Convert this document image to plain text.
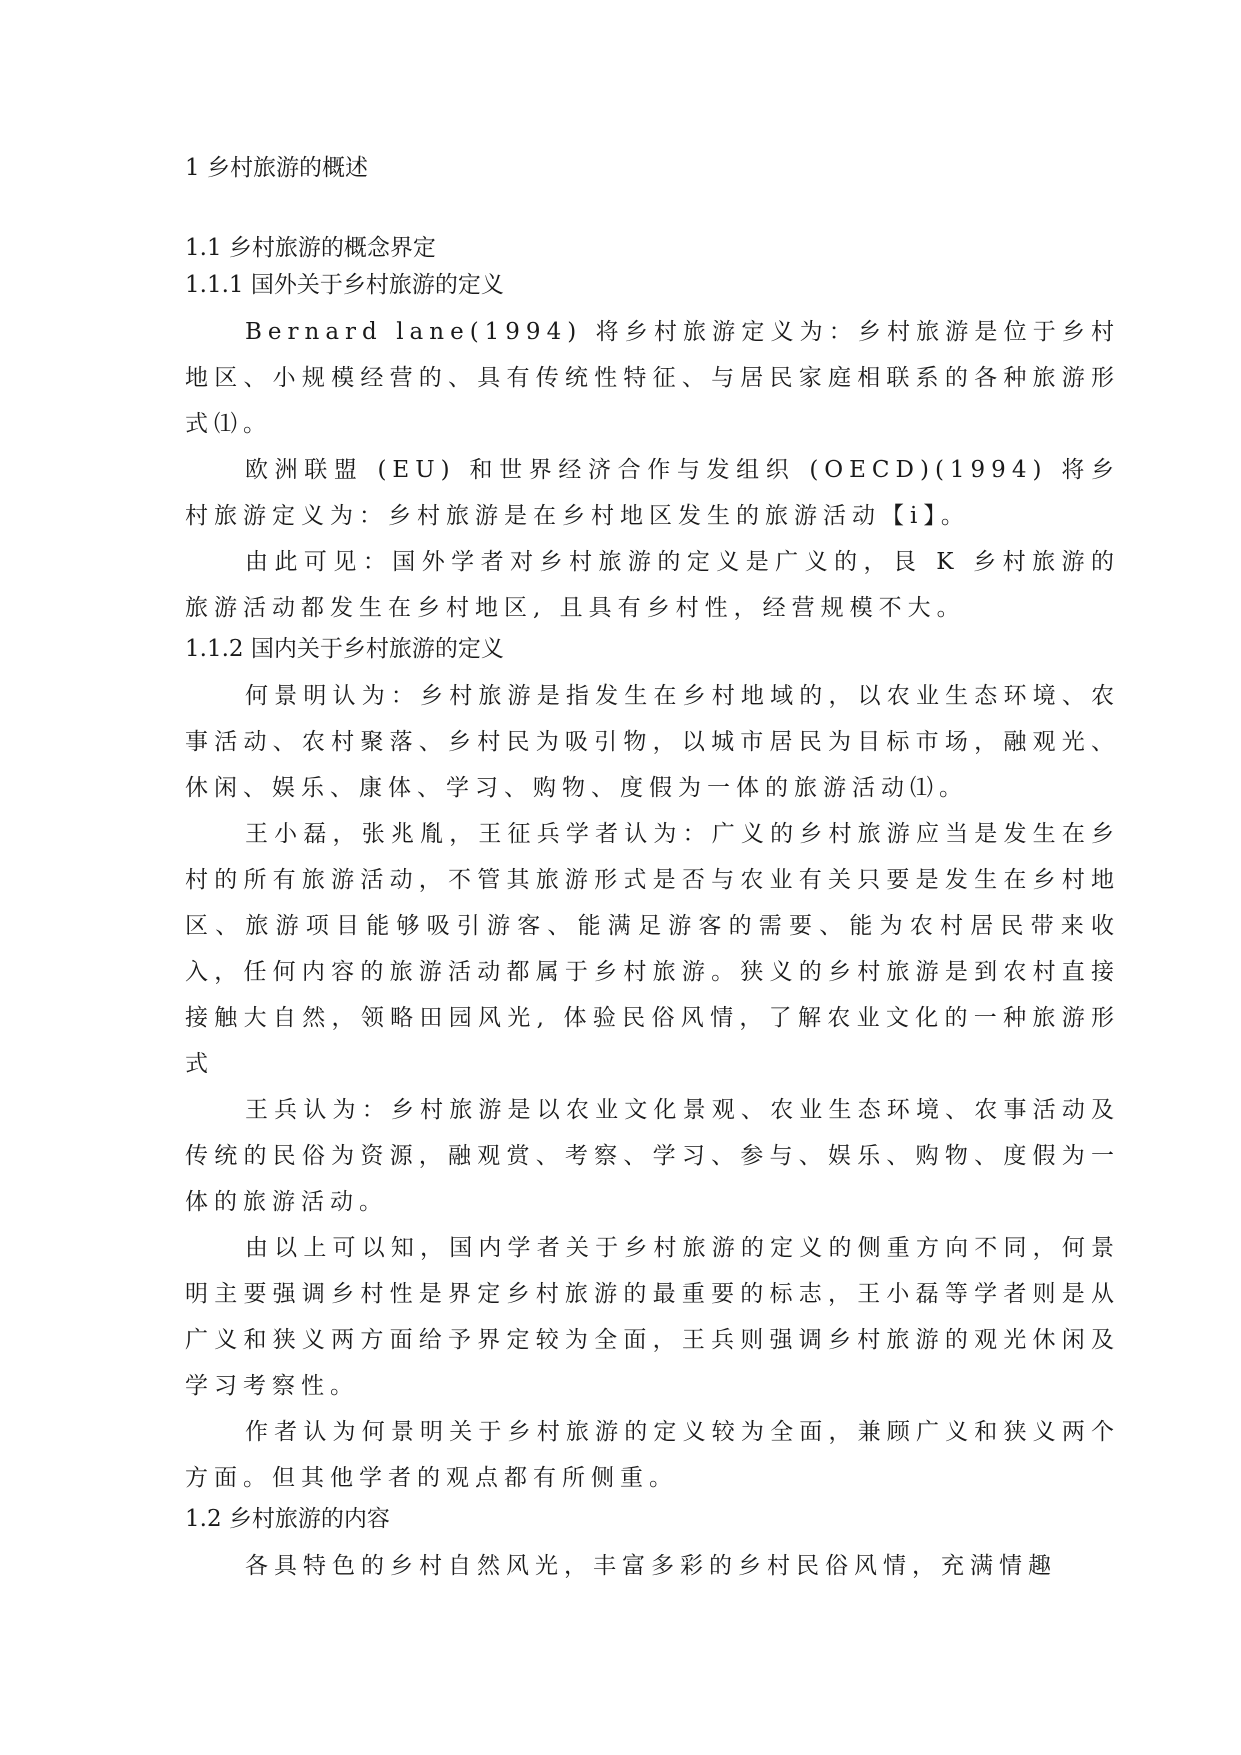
1 乡村旅游的概述
1.1 乡村旅游的概念界定
1.1.1 国外关于乡村旅游的定义

Bernard lane(1994) 将乡村旅游定义为：乡村旅游是位于乡村地区、小规模经营的、具有传统性特征、与居民家庭相联系的各种旅游形式⑴。

欧洲联盟 (EU) 和世界经济合作与发组织 (OECD)(1994) 将乡村旅游定义为：乡村旅游是在乡村地区发生的旅游活动【i】。

由此可见：国外学者对乡村旅游的定义是广义的，艮 K 乡村旅游的旅游活动都发生在乡村地区, 且具有乡村性，经营规模不大。

1.1.2 国内关于乡村旅游的定义

何景明认为：乡村旅游是指发生在乡村地域的，以农业生态环境、农事活动、农村聚落、乡村民为吸引物，以城市居民为目标市场，融观光、休闲、娱乐、康体、学习、购物、度假为一体的旅游活动⑴。

王小磊，张兆胤，王征兵学者认为：广义的乡村旅游应当是发生在乡村的所有旅游活动，不管其旅游形式是否与农业有关只要是发生在乡村地区、旅游项目能够吸引游客、能满足游客的需要、能为农村居民带来收入，任何内容的旅游活动都属于乡村旅游。狭义的乡村旅游是到农村直接接触大自然，领略田园风光, 体验民俗风情，了解农业文化的一种旅游形式

王兵认为：乡村旅游是以农业文化景观、农业生态环境、农事活动及传统的民俗为资源，融观赏、考察、学习、参与、娱乐、购物、度假为一体的旅游活动。

由以上可以知，国内学者关于乡村旅游的定义的侧重方向不同，何景明主要强调乡村性是界定乡村旅游的最重要的标志，王小磊等学者则是从广义和狭义两方面给予界定较为全面，王兵则强调乡村旅游的观光休闲及学习考察性。

作者认为何景明关于乡村旅游的定义较为全面，兼顾广义和狭义两个方面。但其他学者的观点都有所侧重。

1.2 乡村旅游的内容

各具特色的乡村自然风光，丰富多彩的乡村民俗风情，充满情趣
